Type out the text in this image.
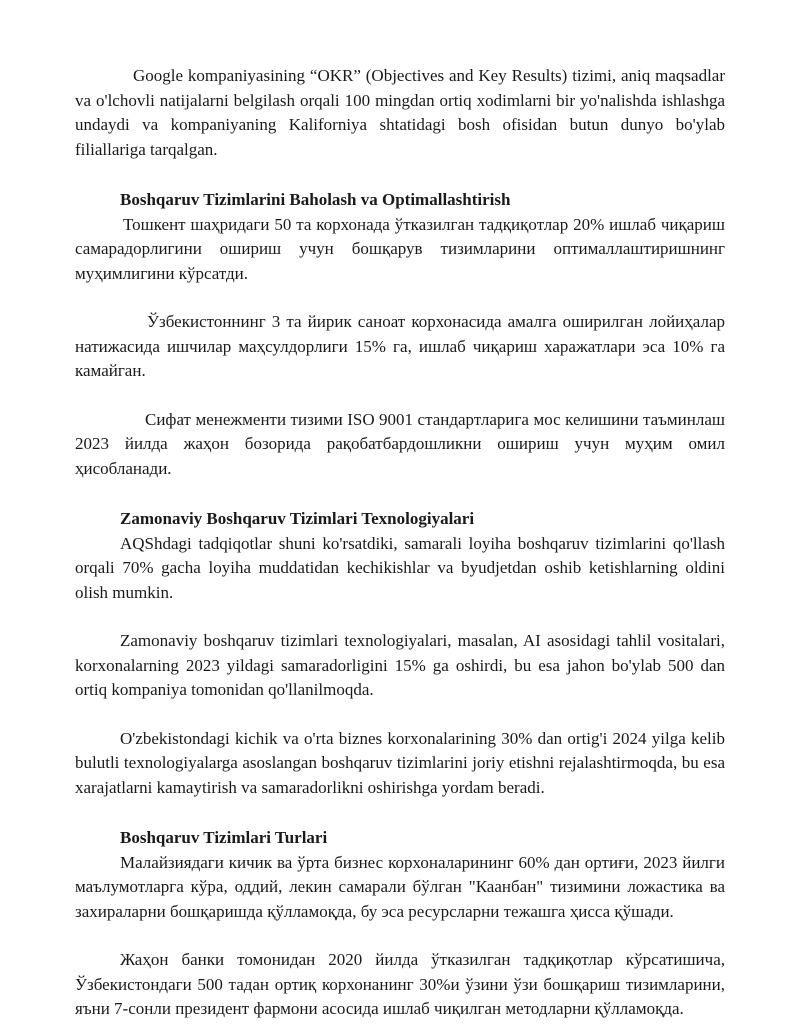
Google kompaniyasining “OKR” (Objectives and Key Results) tizimi, aniq maqsadlar va o'lchovli natijalarni belgilash orqali 100 mingdan ortiq xodimlarni bir yo'nalishda ishlashga undaydi va kompaniyaning Kaliforniya shtatidagi bosh ofisidan butun dunyo bo'ylab filiallariga tarqalgan.

Boshqaruv Tizimlarini Baholash va Optimallashtirish

Тошкент шаҳридаги 50 та корхонада ўтказилган тадқиқотлар 20% ишлаб чиқариш самарадорлигини ошириш учун бошқарув тизимларини оптималлаштиришнинг муҳимлигини кўрсатди.

Ўзбекистоннинг 3 та йирик саноат корхонасида амалга оширилган лойиҳалар натижасида ишчилар маҳсулдорлиги 15% га, ишлаб чиқариш харажатлари эса 10% га камайган.

Сифат менежменти тизими ISO 9001 стандартларига мос келишини таъминлаш 2023 йилда жаҳон бозорида рақобатбардошликни ошириш учун муҳим омил ҳисобланади.

Zamonaviy Boshqaruv Tizimlari Texnologiyalari

AQShdagi tadqiqotlar shuni ko'rsatdiki, samarali loyiha boshqaruv tizimlarini qo'llash orqali 70% gacha loyiha muddatidan kechikishlar va byudjetdan oshib ketishlarning oldini olish mumkin.

Zamonaviy boshqaruv tizimlari texnologiyalari, masalan, AI asosidagi tahlil vositalari, korxonalarning 2023 yildagi samaradorligini 15% ga oshirdi, bu esa jahon bo'ylab 500 dan ortiq kompaniya tomonidan qo'llanilmoqda.

O'zbekistondagi kichik va o'rta biznes korxonalarining 30% dan ortig'i 2024 yilga kelib bulutli texnologiyalarga asoslangan boshqaruv tizimlarini joriy etishni rejalashtirmoqda, bu esa xarajatlarni kamaytirish va samaradorlikni oshirishga yordam beradi.

Boshqaruv Tizimlari Turlari

Малайзиядаги кичик ва ўрта бизнес корхоналарининг 60% дан ортиғи, 2023 йилги маълумотларга кўра, оддий, лекин самарали бўлган "Каанбан" тизимини ложастика ва захираларни бошқаришда қўлламоқда, бу эса ресурсларни тежашга ҳисса қўшади.

Жаҳон банки томонидан 2020 йилда ўтказилган тадқиқотлар кўрсатишича, Ўзбекистондаги 500 тадан ортиқ корхонанинг 30%и ўзини ўзи бошқариш тизимларини, яъни 7-сонли президент фармони асосида ишлаб чиқилган методларни қўлламоқда.
